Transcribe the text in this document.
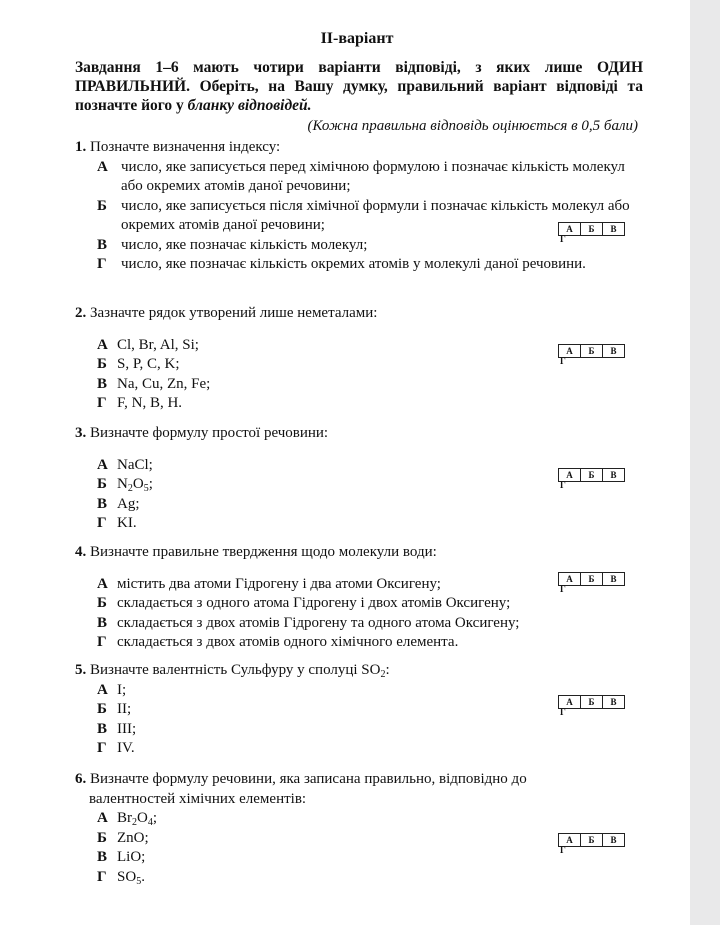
ІІ-варіант
Завдання 1–6 мають чотири варіанти відповіді, з яких лише ОДИН ПРАВИЛЬНИЙ. Оберіть, на Вашу думку, правильний варіант відповіді та позначте його у бланку відповідей.
(Кожна правильна відповідь оцінюється в 0,5 бали)
1. Позначте визначення індексу:
А число, яке записується перед хімічною формулою і позначає кількість молекул або окремих атомів даної речовини;
Б число, яке записується після хімічної формули і позначає кількість молекул або окремих атомів даної речовини;
В число, яке позначає кількість молекул;
Г число, яке позначає кількість окремих атомів у молекулі даної речовини.
А	Б	В
Г
2. Зазначте рядок утворений лише неметалами:
А Cl, Br, Al, Si;
Б S, P, C, K;
В Na, Cu, Zn, Fe;
Г F, N, B, H.
А	Б	В
Г
3. Визначте формулу простої речовини:
А NaCl;
Б $N_2O_5$;
В Ag;
Г KI.
А	Б	В
Г
4. Визначте правильне твердження щодо молекули води:
А містить два атоми Гідрогену і два атоми Оксигену;
Б складається з одного атома Гідрогену і двох атомів Оксигену;
В складається з двох атомів Гідрогену та одного атома Оксигену;
Г складається з двох атомів одного хімічного елемента.
А	Б	В
Г
5. Визначте валентність Сульфуру у сполуці $SO_2$:
А I;
Б II;
В III;
Г IV.
А	Б	В
Г
6. Визначте формулу речовини, яка записана правильно, відповідно до
валентностей хімічних елементів:
А $Br_2O_4$;
Б ZnO;
В LiO;
Г $SO_5$.
А	Б	В
Г
